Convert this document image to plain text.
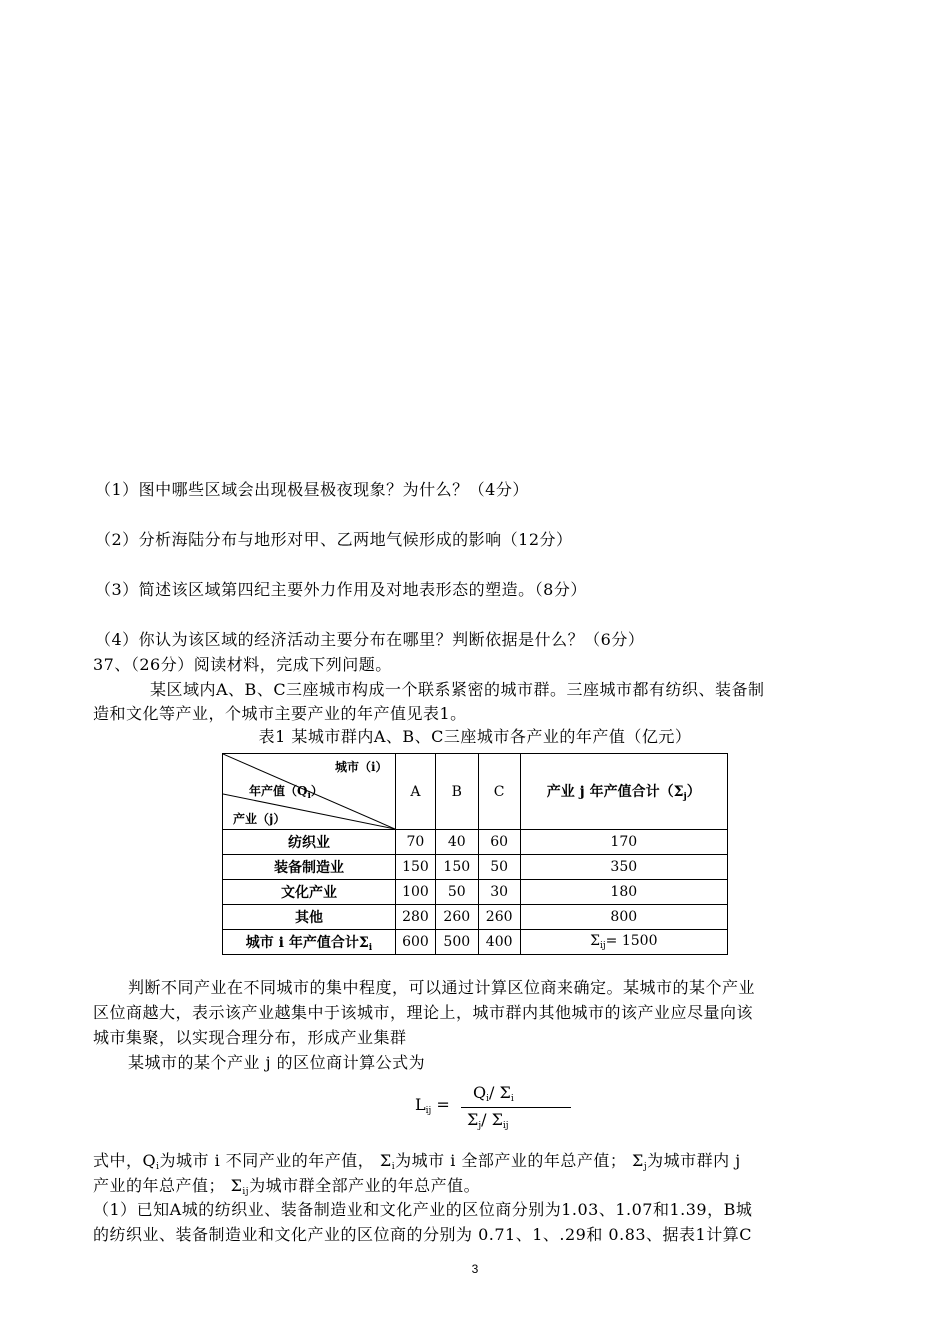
（1）图中哪些区域会出现极昼极夜现象？为什么？（4分）
（2）分析海陆分布与地形对甲、乙两地气候形成的影响（12分）
（3）简述该区域第四纪主要外力作用及对地表形态的塑造。（8分）
（4）你认为该区域的经济活动主要分布在哪里？判断依据是什么？（6分）
37、（26分）阅读材料，完成下列问题。
某区域内A、B、C三座城市构成一个联系紧密的城市群。三座城市都有纺织、装备制
造和文化等产业，个城市主要产业的年产值见表1。
表1 某城市群内A、B、C三座城市各产业的年产值（亿元）
城市（i）
年产值$(Q_i)$
产业（j）	A	B	C	产业 j 年产值合计$(\Sigma_j)$
纺织业	70	40	60	170
装备制造业	150	150	50	350
文化产业	100	50	30	180
其他	280	260	260	800
城市 i 年产值合计$\Sigma_i$	600	500	400	$\Sigma_{ij}= 1500$
判断不同产业在不同城市的集中程度，可以通过计算区位商来确定。某城市的某个产业
区位商越大，表示该产业越集中于该城市，理论上，城市群内其他城市的该产业应尽量向该
城市集聚，以实现合理分布，形成产业集群
某城市的某个产业 j 的区位商计算公式为
$L_{ij}$ =
$Q_i/$ $\Sigma_i$
$\Sigma_j/$ $\Sigma_{ij}$
式中，$Q_i$为城市 i 不同产业的年产值， $\Sigma_i$为城市 i 全部产业的年总产值； $\Sigma_j$为城市群内 j
产业的年总产值； $\Sigma_{ij}$为城市群全部产业的年总产值。
（1）已知A城的纺织业、装备制造业和文化产业的区位商分别为1.03、1.07和1.39，B城
的纺织业、装备制造业和文化产业的区位商的分别为 0.71、1、.29和 0.83、据表1计算C
3
